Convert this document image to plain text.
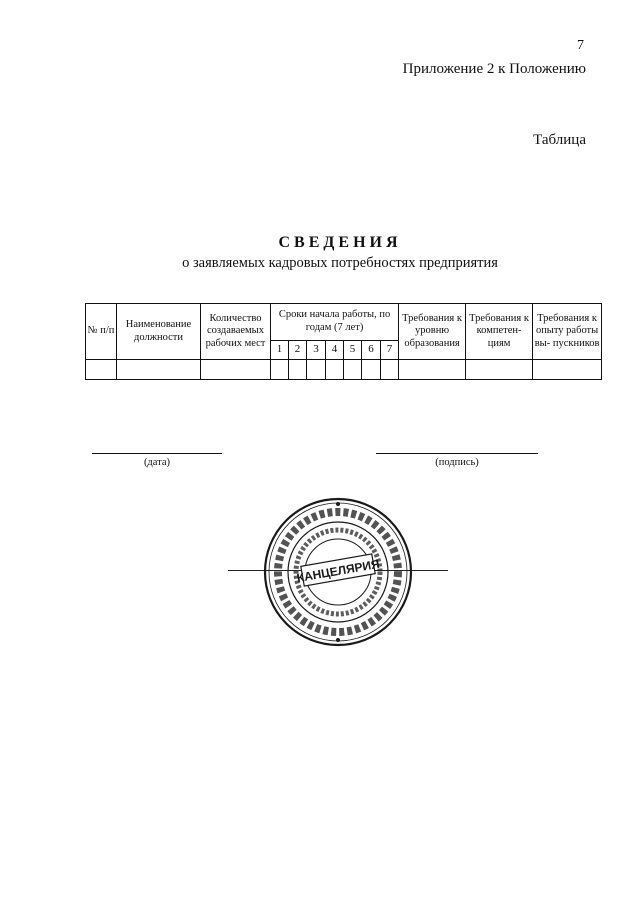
7
Приложение 2 к Положению
Таблица
СВЕДЕНИЯ
о заявляемых кадровых потребностях предприятия
№ п/п	Наименование должности	Количество создаваемых рабочих мест	Сроки начала работы, по годам (7 лет)							Требования к уровню образования	Требования к компетен- циям	Требования к опыту работы вы- пускников
			1	2	3	4	5	6	7			

(дата)	(подпись)
КАНЦЕЛЯРИЯ
